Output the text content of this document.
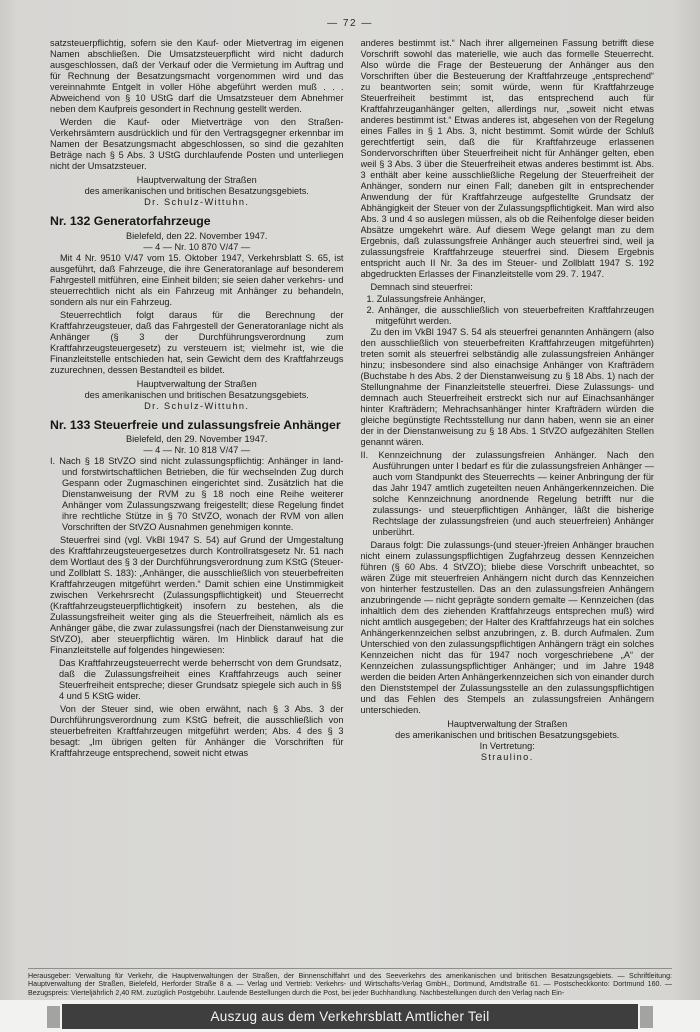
— 72 —

satzsteuerpflichtig, sofern sie den Kauf- oder Mietvertrag im eigenen Namen abschließen. Die Umsatzsteuerpflicht wird nicht dadurch ausgeschlossen, daß der Verkauf oder die Vermietung im Auftrag und für Rechnung der Besatzungsmacht vorgenommen wird und das vereinnahmte Entgelt in voller Höhe abgeführt werden muß . . . Abweichend von § 10 UStG darf die Umsatzsteuer dem Abnehmer neben dem Kaufpreis gesondert in Rechnung gestellt werden.

Werden die Kauf- oder Mietverträge von den Straßen-Verkehrsämtern ausdrücklich und für den Vertragsgegner erkennbar im Namen der Besatzungsmacht abgeschlossen, so sind die gezahlten Beträge nach § 5 Abs. 3 UStG durchlaufende Posten und unterliegen nicht der Umsatzsteuer.

Hauptverwaltung der Straßen
des amerikanischen und britischen Besatzungsgebiets.
Dr. Schulz-Wittuhn.
Nr. 132 Generatorfahrzeuge
Bielefeld, den 22. November 1947.
— 4 — Nr. 10 870 V/47 —

Mit 4 Nr. 9510 V/47 vom 15. Oktober 1947, Verkehrsblatt S. 65, ist ausgeführt, daß Fahrzeuge, die ihre Generatoranlage auf besonderem Fahrgestell mitführen, eine Einheit bilden; sie seien daher verkehrs- und steuerrechtlich nicht als ein Fahrzeug mit Anhänger zu behandeln, sondern als nur ein Fahrzeug.

Steuerrechtlich folgt daraus für die Berechnung der Kraftfahrzeugsteuer, daß das Fahrgestell der Generatoranlage nicht als Anhänger (§ 3 der Durchführungsverordnung zum Kraftfahrzeugsteuergesetz) zu versteuern ist; vielmehr ist, wie die Finanzleitstelle entschieden hat, sein Gewicht dem des Kraftfahrzeugs zuzurechnen, dessen Bestandteil es bildet.

Hauptverwaltung der Straßen
des amerikanischen und britischen Besatzungsgebiets.
Dr. Schulz-Wittuhn.
Nr. 133 Steuerfreie und zulassungsfreie Anhänger
Bielefeld, den 29. November 1947.
— 4 — Nr. 10 818 V/47 —

I. Nach § 18 StVZO sind nicht zulassungspflichtig: Anhänger in land- und forstwirtschaftlichen Betrieben, die für wechselnden Zug durch Gespann oder Zugmaschinen eingerichtet sind. Zusätzlich hat die Dienstanweisung der RVM zu § 18 noch eine Reihe weiterer Anhänger vom Zulassungszwang freigestellt; diese Regelung findet ihre rechtliche Stütze in § 70 StVZO, wonach der RVM von allen Vorschriften der StVZO Ausnahmen genehmigen konnte.

Steuerfrei sind (vgl. VkBl 1947 S. 54) auf Grund der Umgestaltung des Kraftfahrzeugsteuergesetzes durch Kontrollratsgesetz Nr. 51 nach dem Wortlaut des § 3 der Durchführungsverordnung zum KStG (Steuer- und Zollblatt S. 183): „Anhänger, die ausschließlich von steuerbefreiten Kraftfahrzeugen mitgeführt werden.“ Damit schien eine Unstimmigkeit zwischen Verkehrsrecht (Zulassungspflichtigkeit) und Steuerrecht (Kraftfahrzeugsteuerpflichtigkeit) insofern zu bestehen, als die Zulassungsfreiheit weiter ging als die Steuerfreiheit, nämlich als es Anhänger gäbe, die zwar zulassungsfrei (nach der Dienstanweisung zur StVZO), aber steuerpflichtig wären. Im Hinblick darauf hat die Finanzleitstelle auf folgendes hingewiesen:

Das Kraftfahrzeugsteuerrecht werde beherrscht von dem Grundsatz, daß die Zulassungsfreiheit eines Kraftfahrzeugs auch seiner Steuerfreiheit entspreche; dieser Grundsatz spiegele sich auch in §§ 4 und 5 KStG wider.

Von der Steuer sind, wie oben erwähnt, nach § 3 Abs. 3 der Durchführungsverordnung zum KStG befreit, die ausschließlich von steuerbefreiten Kraftfahrzeugen mitgeführt werden; Abs. 4 des § 3 besagt: „Im übrigen gelten für Anhänger die Vorschriften für Kraftfahrzeuge entsprechend, soweit nicht etwas

anderes bestimmt ist.“ Nach ihrer allgemeinen Fassung betrifft diese Vorschrift sowohl das materielle, wie auch das formelle Steuerrecht. Also würde die Frage der Besteuerung der Anhänger aus den Vorschriften über die Besteuerung der Kraftfahrzeuge „entsprechend“ zu beantworten sein; somit würde, wenn für Kraftfahrzeuge Steuerfreiheit bestimmt ist, das entsprechend auch für Kraftfahrzeuganhänger gelten, allerdings nur, „soweit nicht etwas anderes bestimmt ist.“ Etwas anderes ist, abgesehen von der Regelung eines Falles in § 1 Abs. 3, nicht bestimmt. Somit würde der Schluß gerechtfertigt sein, daß die für Kraftfahrzeuge erlassenen Sondervorschriften über Steuerfreiheit nicht für Anhänger gelten, eben weil § 3 Abs. 3 über die Steuerfreiheit etwas anderes bestimmt ist. Abs. 3 enthält aber keine ausschließliche Regelung der Steuerfreiheit der Anhänger, sondern nur einen Fall; daneben gilt in entsprechender Anwendung der für Kraftfahrzeuge aufgestellte Grundsatz der Abhängigkeit der Steuer von der Zulassungspflichtigkeit. Man wird also Abs. 3 und 4 so auslegen müssen, als ob die Reihenfolge dieser beiden Absätze umgekehrt wäre. Auf diesem Wege gelangt man zu dem Ergebnis, daß zulassungsfreie Anhänger auch steuerfrei sind, weil ja zulassungsfreie Kraftfahrzeuge steuerfrei sind. Diesem Ergebnis entspricht auch II Nr. 3a des im Steuer- und Zollblatt 1947 S. 192 abgedruckten Erlasses der Finanzleitstelle vom 29. 7. 1947.

Demnach sind steuerfrei:
1. Zulassungsfreie Anhänger,
2. Anhänger, die ausschließlich von steuerbefreiten Kraftfahrzeugen mitgeführt werden.

Zu den im VkBl 1947 S. 54 als steuerfrei genannten Anhängern (also den ausschließlich von steuerbefreiten Kraftfahrzeugen mitgeführten) treten somit als steuerfrei selbständig alle zulassungsfreien Anhänger hinzu; insbesondere sind also einachsige Anhänger von Krafträdern (Buchstabe h des Abs. 2 der Dienstanweisung zu § 18 Abs. 1) nach der Stellungnahme der Finanzleitstelle steuerfrei. Diese Zulassungs- und demnach auch Steuerfreiheit erstreckt sich nur auf Einachsanhänger hinter Krafträdern; Mehrachsanhänger hinter Krafträdern würden die gleiche begünstigte Rechtsstellung nur dann haben, wenn sie an einer der in der Dienstanweisung zu § 18 Abs. 1 StVZO aufgezählten Stellen genannt wären.

II. Kennzeichnung der zulassungsfreien Anhänger. Nach den Ausführungen unter I bedarf es für die zulassungsfreien Anhänger — auch vom Standpunkt des Steuerrechts — keiner Anbringung der für das Jahr 1947 amtlich zugeteilten neuen Anhängerkennzeichen. Die solche Kennzeichnung anordnende Regelung betrifft nur die zulassungs- und steuerpflichtigen Anhänger, läßt die bisherige Rechtslage der zulassungsfreien (und auch steuerfreien) Anhänger unberührt.

Daraus folgt: Die zulassungs-(und steuer-)freien Anhänger brauchen nicht einem zulassungspflichtigen Zugfahrzeug dessen Kennzeichen führen (§ 60 Abs. 4 StVZO); bliebe diese Vorschrift unbeachtet, so wären Züge mit steuerfreien Anhängern nicht durch das Kennzeichen von hinterher festzustellen. Das an den zulassungsfreien Anhängern anzubringende — nicht geprägte sondern gemalte — Kennzeichen (das inhaltlich dem des ziehenden Kraftfahrzeugs entsprechen muß) wird nicht amtlich ausgegeben; der Halter des Kraftfahrzeugs hat ein solches Anhängerkennzeichen selbst anzubringen, z. B. durch Aufmalen. Zum Unterschied von den zulassungspflichtigen Anhängern trägt ein solches Kennzeichen nicht das für 1947 noch vorgeschriebene „A“ der Kennzeichen zulassungspflichtiger Anhänger; und im Jahre 1948 werden die beiden Arten Anhängerkennzeichen sich von einander durch den Dienststempel der Zulassungsstelle an den zulassungspflichtigen und das Fehlen des Stempels an zulassungsfreien Anhängern unterschieden.

Hauptverwaltung der Straßen
des amerikanischen und britischen Besatzungsgebiets.
In Vertretung:
Straulino.
Herausgeber: Verwaltung für Verkehr, die Hauptverwaltungen der Straßen, der Binnenschiffahrt und des Seeverkehrs des amerikanischen und britischen Besatzungsgebiets. — Schriftleitung: Hauptverwaltung der Straßen, Bielefeld, Herforder Straße 8 a. — Verlag und Vertrieb: Verkehrs- und Wirtschafts-Verlag GmbH., Dortmund, Arndtstraße 61. — Postscheckkonto: Dortmund 160. — Bezugspreis: Vierteljährlich 2,40 RM. zuzüglich Postgebühr. Laufende Bestellungen durch die Post, bei jeder Buchhandlung. Nachbestellungen durch den Verlag nach Ein-
Auszug aus dem Verkehrsblatt Amtlicher Teil
